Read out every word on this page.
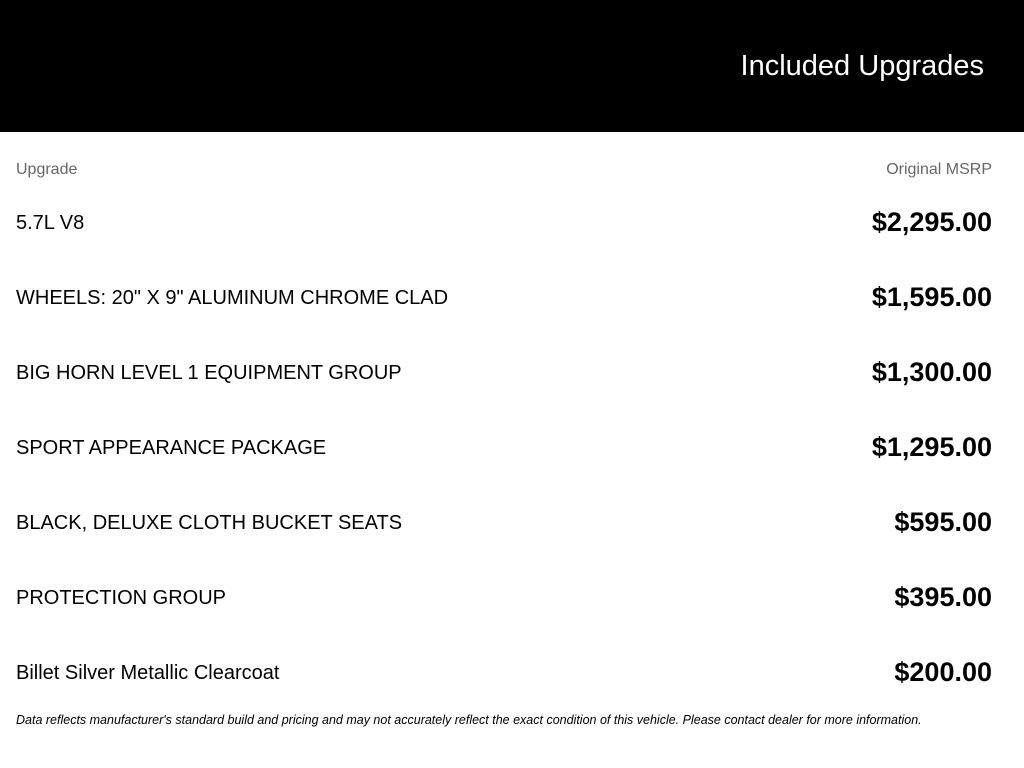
Included Upgrades
Upgrade	Original MSRP
5.7L V8	$2,295.00
WHEELS: 20" X 9" ALUMINUM CHROME CLAD	$1,595.00
BIG HORN LEVEL 1 EQUIPMENT GROUP	$1,300.00
SPORT APPEARANCE PACKAGE	$1,295.00
BLACK, DELUXE CLOTH BUCKET SEATS	$595.00
PROTECTION GROUP	$395.00
Billet Silver Metallic Clearcoat	$200.00
Data reflects manufacturer's standard build and pricing and may not accurately reflect the exact condition of this vehicle. Please contact dealer for more information.
